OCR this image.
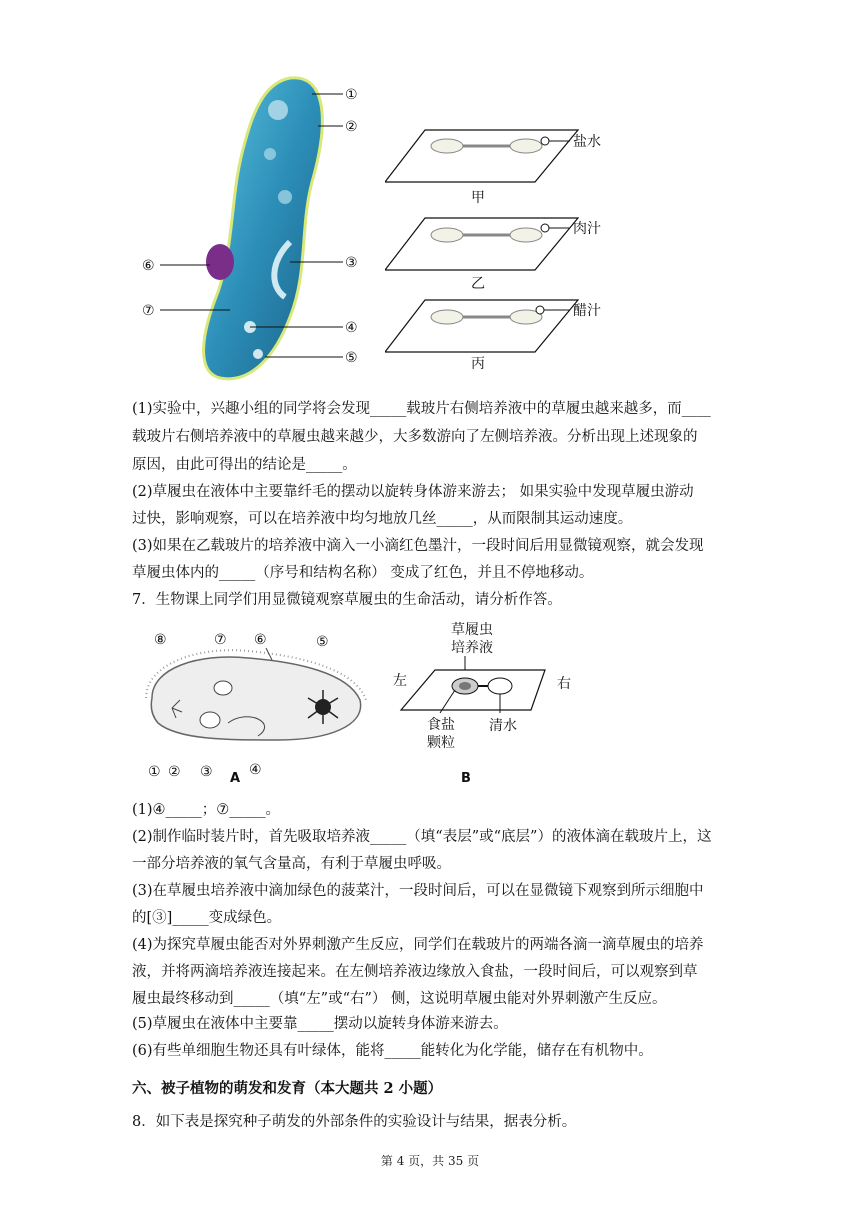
①
②
③
④
⑤
⑥
⑦
盐水
甲
肉汁
乙
醋汁
丙
(1)实验中，兴趣小组的同学将会发现_____载玻片右侧培养液中的草履虫越来越多，而____
载玻片右侧培养液中的草履虫越来越少，大多数游向了左侧培养液。分析出现上述现象的
原因，由此可得出的结论是_____。
(2)草履虫在液体中主要靠纤毛的摆动以旋转身体游来游去； 如果实验中发现草履虫游动
过快，影响观察，可以在培养液中均匀地放几丝_____，从而限制其运动速度。
(3)如果在乙载玻片的培养液中滴入一小滴红色墨汁，一段时间后用显微镜观察，就会发现
草履虫体内的_____（序号和结构名称） 变成了红色，并且不停地移动。
7．生物课上同学们用显微镜观察草履虫的生命活动，请分析作答。
⑧	⑦ ⑥	⑤
① ② ③	④
A
草履虫
培养液
左	右
食盐
颗粒
清水
B
(1)④_____；⑦_____。
(2)制作临时装片时，首先吸取培养液_____（填“表层”或“底层”）的液体滴在载玻片上，这
一部分培养液的氧气含量高，有利于草履虫呼吸。
(3)在草履虫培养液中滴加绿色的菠菜汁，一段时间后，可以在显微镜下观察到所示细胞中
的[③]_____变成绿色。
(4)为探究草履虫能否对外界刺激产生反应，同学们在载玻片的两端各滴一滴草履虫的培养
液，并将两滴培养液连接起来。在左侧培养液边缘放入食盐，一段时间后，可以观察到草
履虫最终移动到_____（填“左”或“右”） 侧，这说明草履虫能对外界刺激产生反应。
(5)草履虫在液体中主要靠_____摆动以旋转身体游来游去。
(6)有些单细胞生物还具有叶绿体，能将_____能转化为化学能，储存在有机物中。
六、被子植物的萌发和发育（本大题共 2 小题）
8．如下表是探究种子萌发的外部条件的实验设计与结果，据表分析。
第 4 页，共 35 页
